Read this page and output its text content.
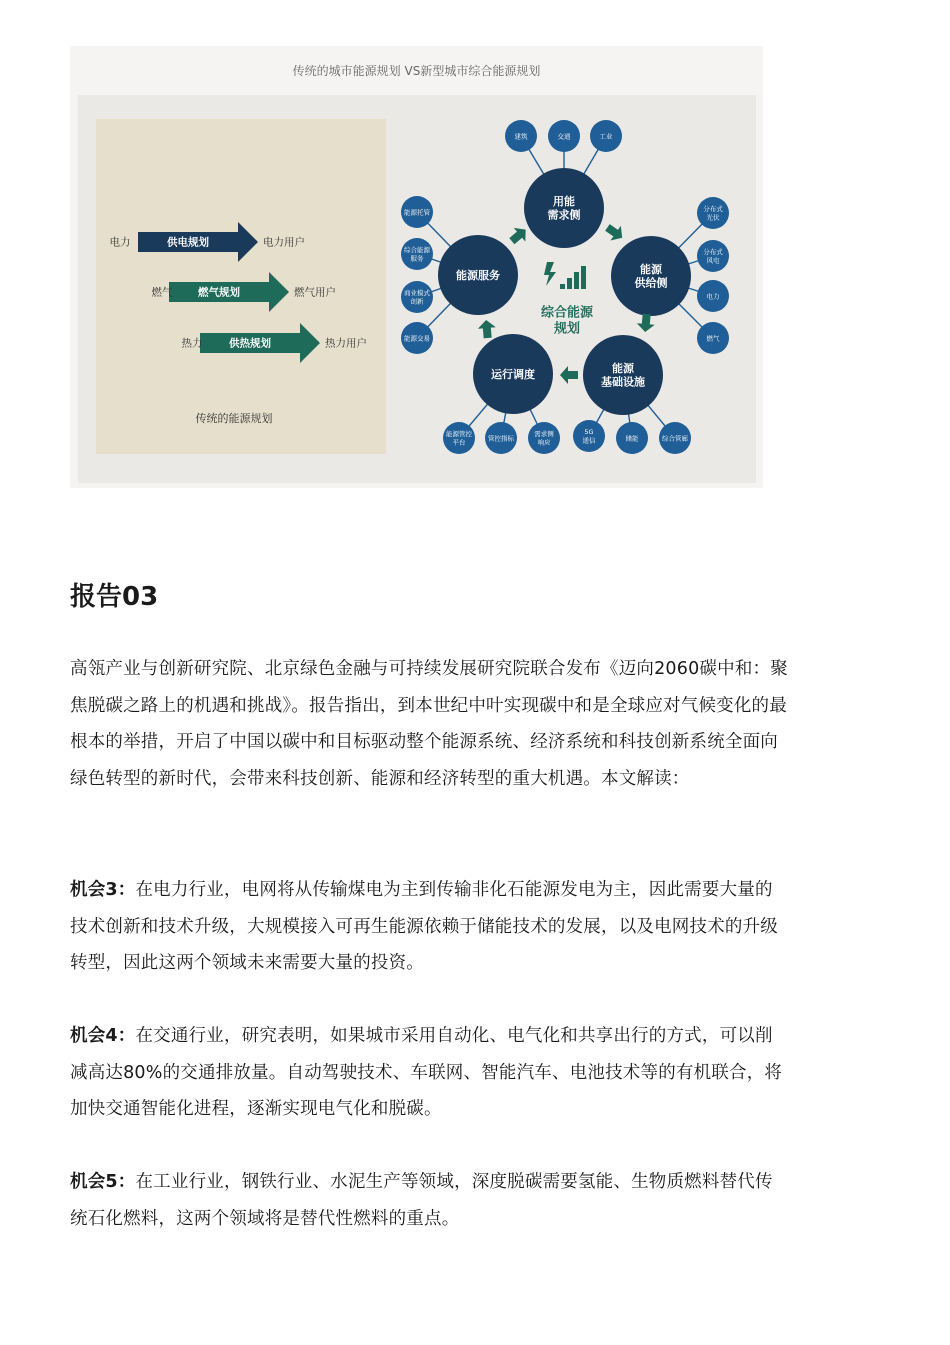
传统的城市能源规划 VS新型城市综合能源规划
供电规划
电力	电力用户
燃气规划
燃气	燃气用户
供热规划
热力	热力用户
传统的能源规划
建筑	交通	工业
分布式光伏
分布式风电
电力
燃气
5G 通信	储能	综合管廊
能源管控平台
管控指标
需求侧响应
能源托管
综合能源服务
商业模式创新
能源交易
用能需求侧
能源供给侧
能源基础设施
运行调度
能源服务
综合能源规划
报告03

高瓴产业与创新研究院、北京绿色金融与可持续发展研究院联合发布《迈向2060碳中和：聚焦脱碳之路上的机遇和挑战》。报告指出，到本世纪中叶实现碳中和是全球应对气候变化的最根本的举措，开启了中国以碳中和目标驱动整个能源系统、经济系统和科技创新系统全面向绿色转型的新时代，会带来科技创新、能源和经济转型的重大机遇。本文解读：

机会3：在电力行业，电网将从传输煤电为主到传输非化石能源发电为主，因此需要大量的技术创新和技术升级，大规模接入可再生能源依赖于储能技术的发展，以及电网技术的升级转型，因此这两个领域未来需要大量的投资。

机会4：在交通行业，研究表明，如果城市采用自动化、电气化和共享出行的方式，可以削减高达80%的交通排放量。自动驾驶技术、车联网、智能汽车、电池技术等的有机联合，将加快交通智能化进程，逐渐实现电气化和脱碳。

机会5：在工业行业，钢铁行业、水泥生产等领域，深度脱碳需要氢能、生物质燃料替代传统石化燃料，这两个领域将是替代性燃料的重点。
